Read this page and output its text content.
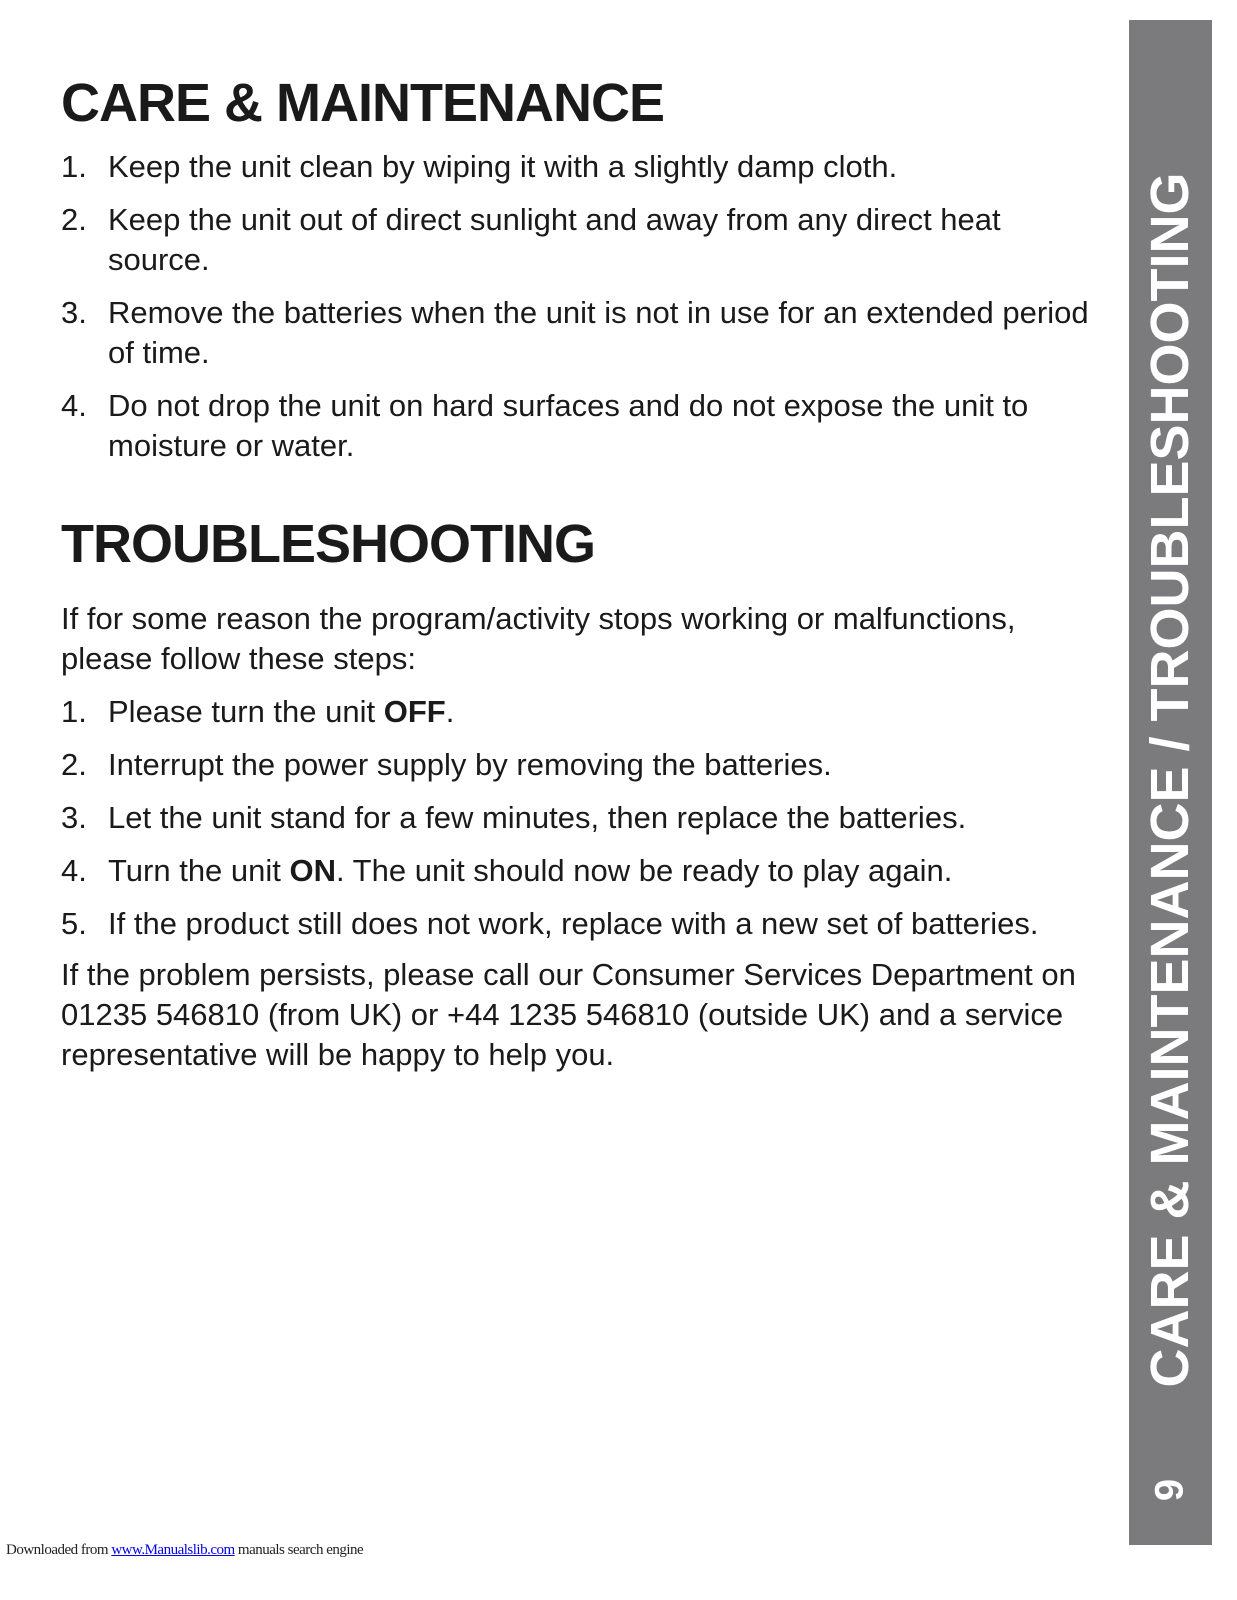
CARE & MAINTENANCE
1. Keep the unit clean by wiping it with a slightly damp cloth.
2. Keep the unit out of direct sunlight and away from any direct heat source.
3. Remove the batteries when the unit is not in use for an extended period of time.
4. Do not drop the unit on hard surfaces and do not expose the unit to moisture or water.
TROUBLESHOOTING

If for some reason the program/activity stops working or malfunctions, please follow these steps:

1. Please turn the unit OFF.
2. Interrupt the power supply by removing the batteries.
3. Let the unit stand for a few minutes, then replace the batteries.
4. Turn the unit ON. The unit should now be ready to play again.
5. If the product still does not work, replace with a new set of batteries.

If the problem persists, please call our Consumer Services Department on 01235 546810 (from UK) or +44 1235 546810 (outside UK) and a service representative will be happy to help you.	CARE & MAINTENANCE / TROUBLESHOOTING
9
Downloaded from www.Manualslib.com manuals search engine
